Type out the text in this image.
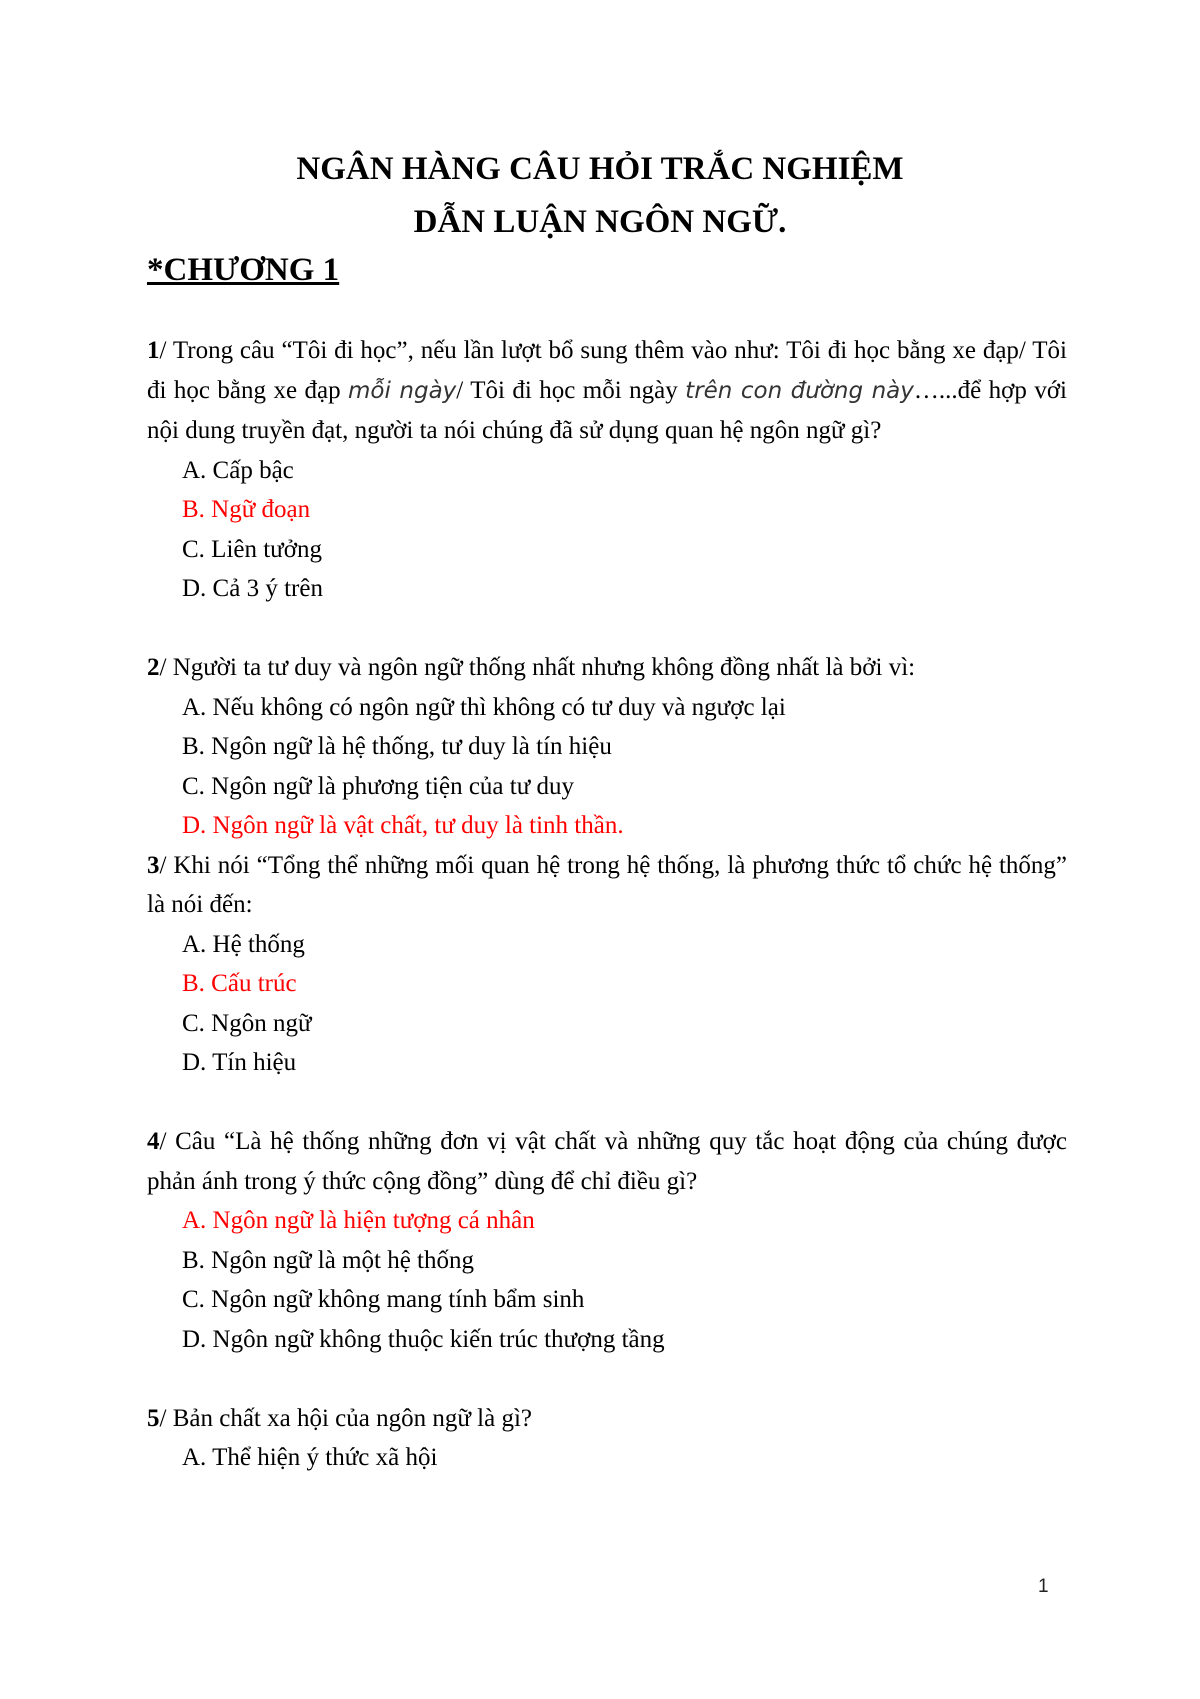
NGÂN HÀNG CÂU HỎI TRẮC NGHIỆM

DẪN LUẬN NGÔN NGỮ.

*CHƯƠNG 1

1/ Trong câu “Tôi đi học”, nếu lần lượt bổ sung thêm vào như: Tôi đi học bằng xe đạp/ Tôi đi học bằng xe đạp mỗi ngày/ Tôi đi học mỗi ngày trên con đường này…...để hợp với nội dung truyền đạt, người ta nói chúng đã sử dụng quan hệ ngôn ngữ gì?

A. Cấp bậc
B. Ngữ đoạn
C. Liên tưởng
D. Cả 3 ý trên

2/ Người ta tư duy và ngôn ngữ thống nhất nhưng không đồng nhất là bởi vì:

A. Nếu không có ngôn ngữ thì không có tư duy và ngược lại
B. Ngôn ngữ là hệ thống, tư duy là tín hiệu
C. Ngôn ngữ là phương tiện của tư duy
D. Ngôn ngữ là vật chất, tư duy là tinh thần.

3/ Khi nói “Tổng thể những mối quan hệ trong hệ thống, là phương thức tổ chức hệ thống” là nói đến:

A. Hệ thống
B. Cấu trúc
C. Ngôn ngữ
D. Tín hiệu

4/ Câu “Là hệ thống những đơn vị vật chất và những quy tắc hoạt động của chúng được phản ánh trong ý thức cộng đồng” dùng để chỉ điều gì?

A. Ngôn ngữ là hiện tượng cá nhân
B. Ngôn ngữ là một hệ thống
C. Ngôn ngữ không mang tính bẩm sinh
D. Ngôn ngữ không thuộc kiến trúc thượng tầng

5/ Bản chất xa hội của ngôn ngữ là gì?

A. Thể hiện ý thức xã hội
1
